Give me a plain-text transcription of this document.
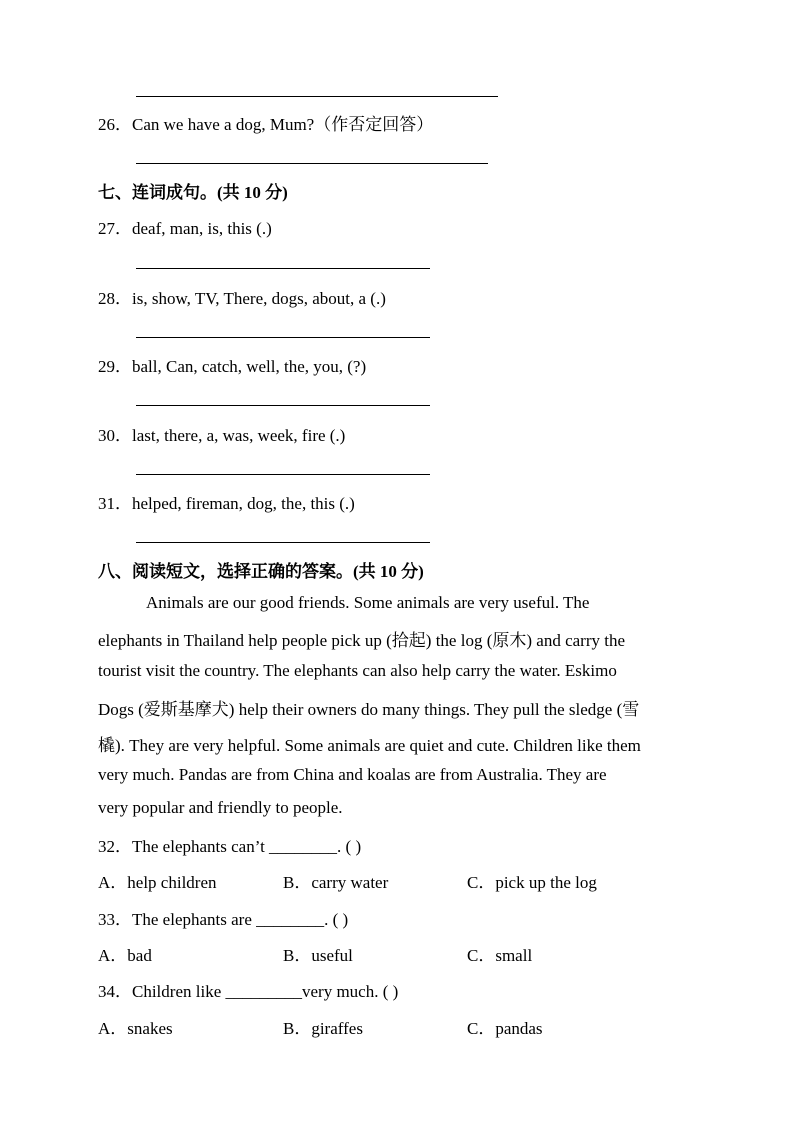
26．Can we have a dog, Mum?（作否定回答）
七、连词成句。(共 10 分)
27．deaf, man, is, this (.)
28．is, show, TV, There, dogs, about, a (.)
29．ball, Can, catch, well, the, you, (?)
30．last, there, a, was, week, fire (.)
31．helped, fireman, dog, the, this (.)
八、阅读短文，选择正确的答案。(共 10 分)
Animals are our good friends. Some animals are very useful. The
elephants in Thailand help people pick up (拾起) the log (原木) and carry the
tourist visit the country. The elephants can also help carry the water. Eskimo
Dogs (爱斯基摩犬) help their owners do many things. They pull the sledge (雪
橇). They are very helpful. Some animals are quiet and cute. Children like them
very much. Pandas are from China and koalas are from Australia. They are
very popular and friendly to people.
32．The elephants can’t ________. ( )
A．help children	B．carry water	C．pick up the log
33．The elephants are ________. ( )
A．bad	B．useful	C．small
34．Children like _________very much. ( )
A．snakes	B．giraffes	C．pandas
